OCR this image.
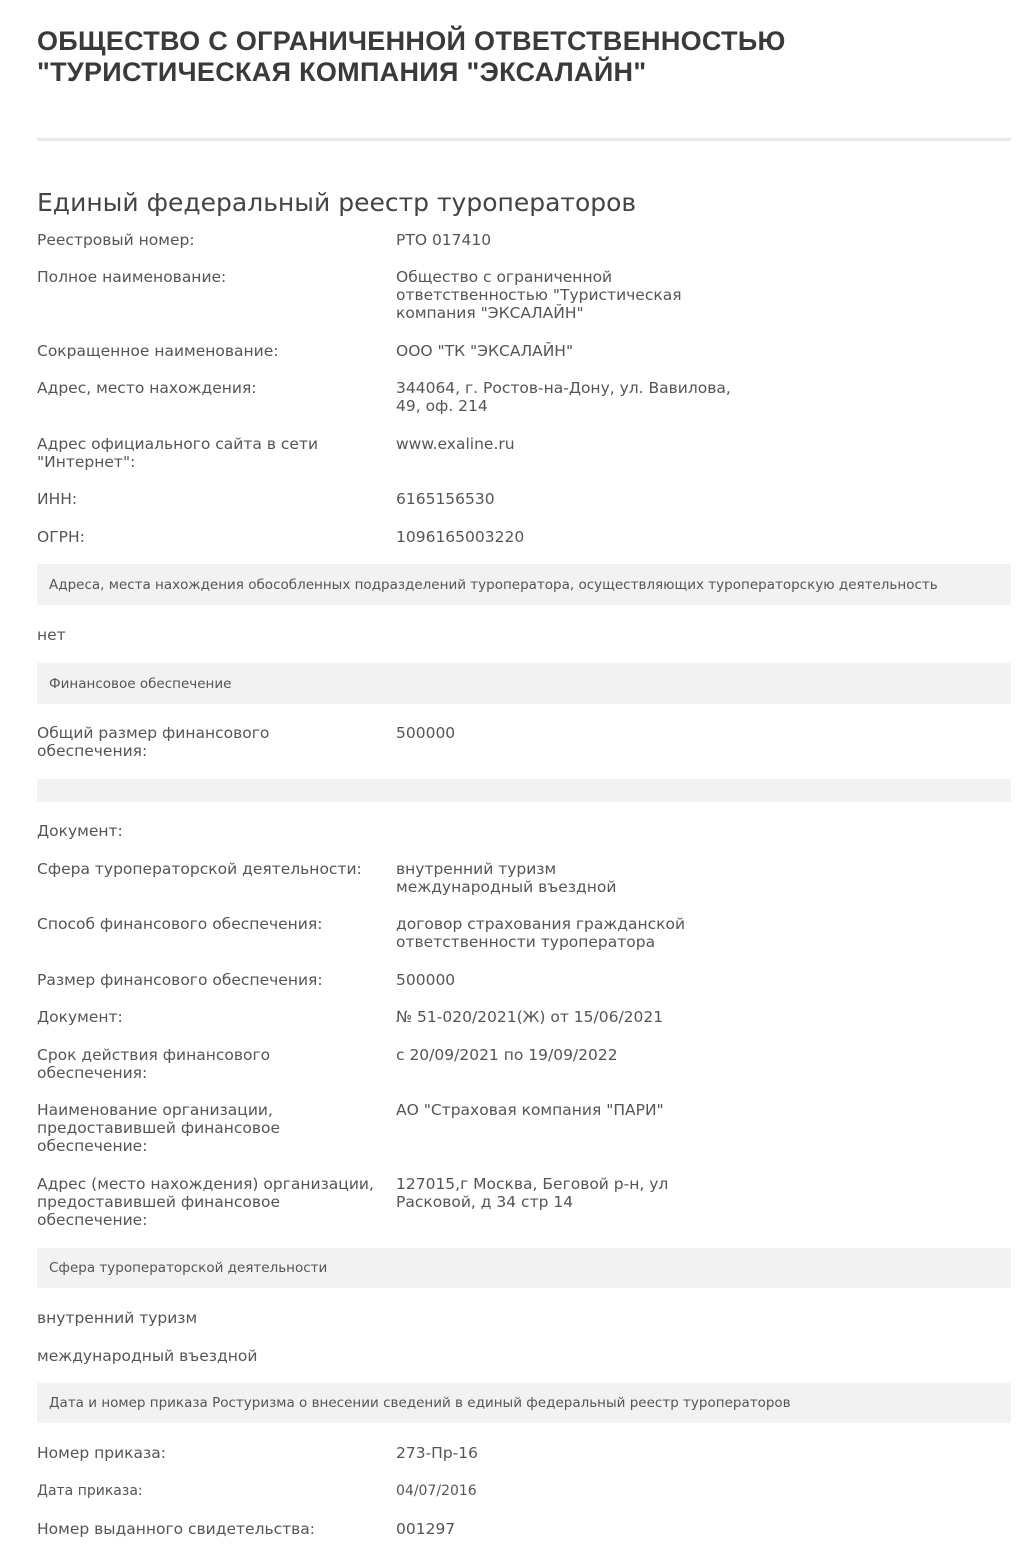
ОБЩЕСТВО С ОГРАНИЧЕННОЙ ОТВЕТСТВЕННОСТЬЮ "ТУРИСТИЧЕСКАЯ КОМПАНИЯ "ЭКСАЛАЙН"
Единый федеральный реестр туроператоров
Реестровый номер:	РТО 017410
Полное наименование:	Общество с ограниченной
ответственностью "Туристическая
компания "ЭКСАЛАЙН"
Сокращенное наименование:	ООО "ТК "ЭКСАЛАЙН"
Адрес, место нахождения:	344064, г. Ростов-на-Дону, ул. Вавилова,
49, оф. 214
Адрес официального сайта в сети "Интернет":
www.exaline.ru
ИНН:	6165156530
ОГРН:	1096165003220
Адреса, места нахождения обособленных подразделений туроператора, осуществляющих туроператорскую деятельность
нет
Финансовое обеспечение
Общий размер финансового обеспечения:
500000
Документ:
Сфера туроператорской деятельности:	внутренний туризм
международный въездной
Способ финансового обеспечения:	договор страхования гражданской
ответственности туроператора
Размер финансового обеспечения:	500000
Документ:	№ 51-020/2021(Ж) от 15/06/2021
Срок действия финансового обеспечения:
с 20/09/2021 по 19/09/2022
Наименование организации, предоставившей финансовое обеспечение:
АО "Страховая компания "ПАРИ"
Адрес (место нахождения) организации, предоставившей финансовое обеспечение:
127015,г Москва, Беговой р-н, ул
Расковой, д 34 стр 14
Сфера туроператорской деятельности
внутренний туризм
международный въездной
Дата и номер приказа Ростуризма о внесении сведений в единый федеральный реестр туроператоров
Номер приказа:	273-Пр-16
Дата приказа:	04/07/2016
Номер выданного свидетельства:	001297
